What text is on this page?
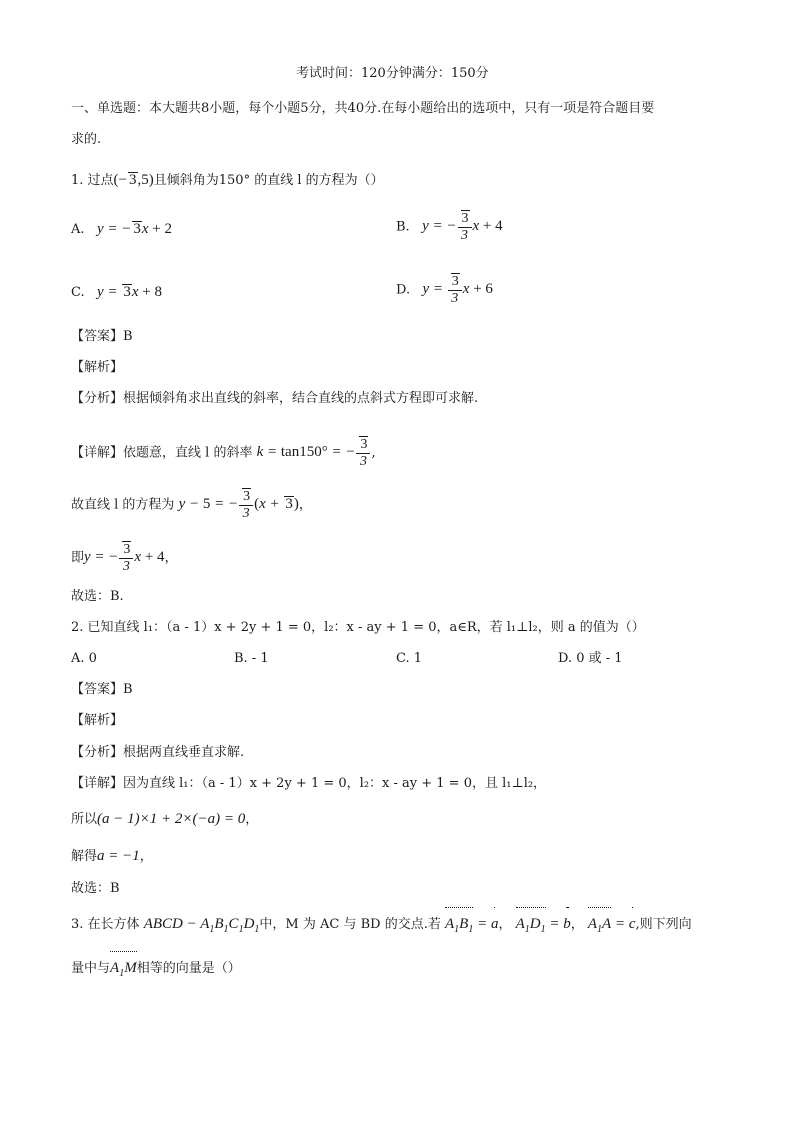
考试时间：120分钟满分：150分
一、单选题：本大题共8小题，每个小题5分，共40分.在每小题给出的选项中，只有一项是符合题目要
求的.
1. 过点(− 3,5)且倾斜角为150° 的直线 l 的方程为（）
A. y = − 3x + 2	B. y = − $\frac{3}{3}$ x + 4
C. y = 3x + 8	D. $y = \frac{3}{3}$ x + 6
【答案】B
【解析】
【分析】根据倾斜角求出直线的斜率，结合直线的点斜式方程即可求解.
【详解】依题意，直线 l 的斜率 k = tan150° = − $\frac{3}{3}$ ,
故直线 l 的方程为 y − 5 = − $\frac{3}{3} (x + 3)$，
即y = − $\frac{3}{3}$ x + 4，
故选：B.
2. 已知直线 l₁：（a - 1）x + 2y + 1 = 0，l₂：x - ay + 1 = 0，a∈R，若 l₁⊥l₂，则 a 的值为（）
A. 0	B. - 1	C. 1	D. 0 或 - 1
【答案】B
【解析】
【分析】根据两直线垂直求解.
【详解】因为直线 l₁：（a - 1）x + 2y + 1 = 0，l₂：x - ay + 1 = 0，且 l₁⊥l₂，
所以(a − 1)×1 + 2×(−a) = 0，
解得a = −1，
故选：B
3. 在长方体 ABCD − $A_1B_1C_1D_1$中，M 为 AC 与 BD 的交点.若 $A_1B_1$
= a
， $A_1D_1$
= b
， $A_1A$
= c
,则下列向
量中与$A_1M$
相等的向量是（）
